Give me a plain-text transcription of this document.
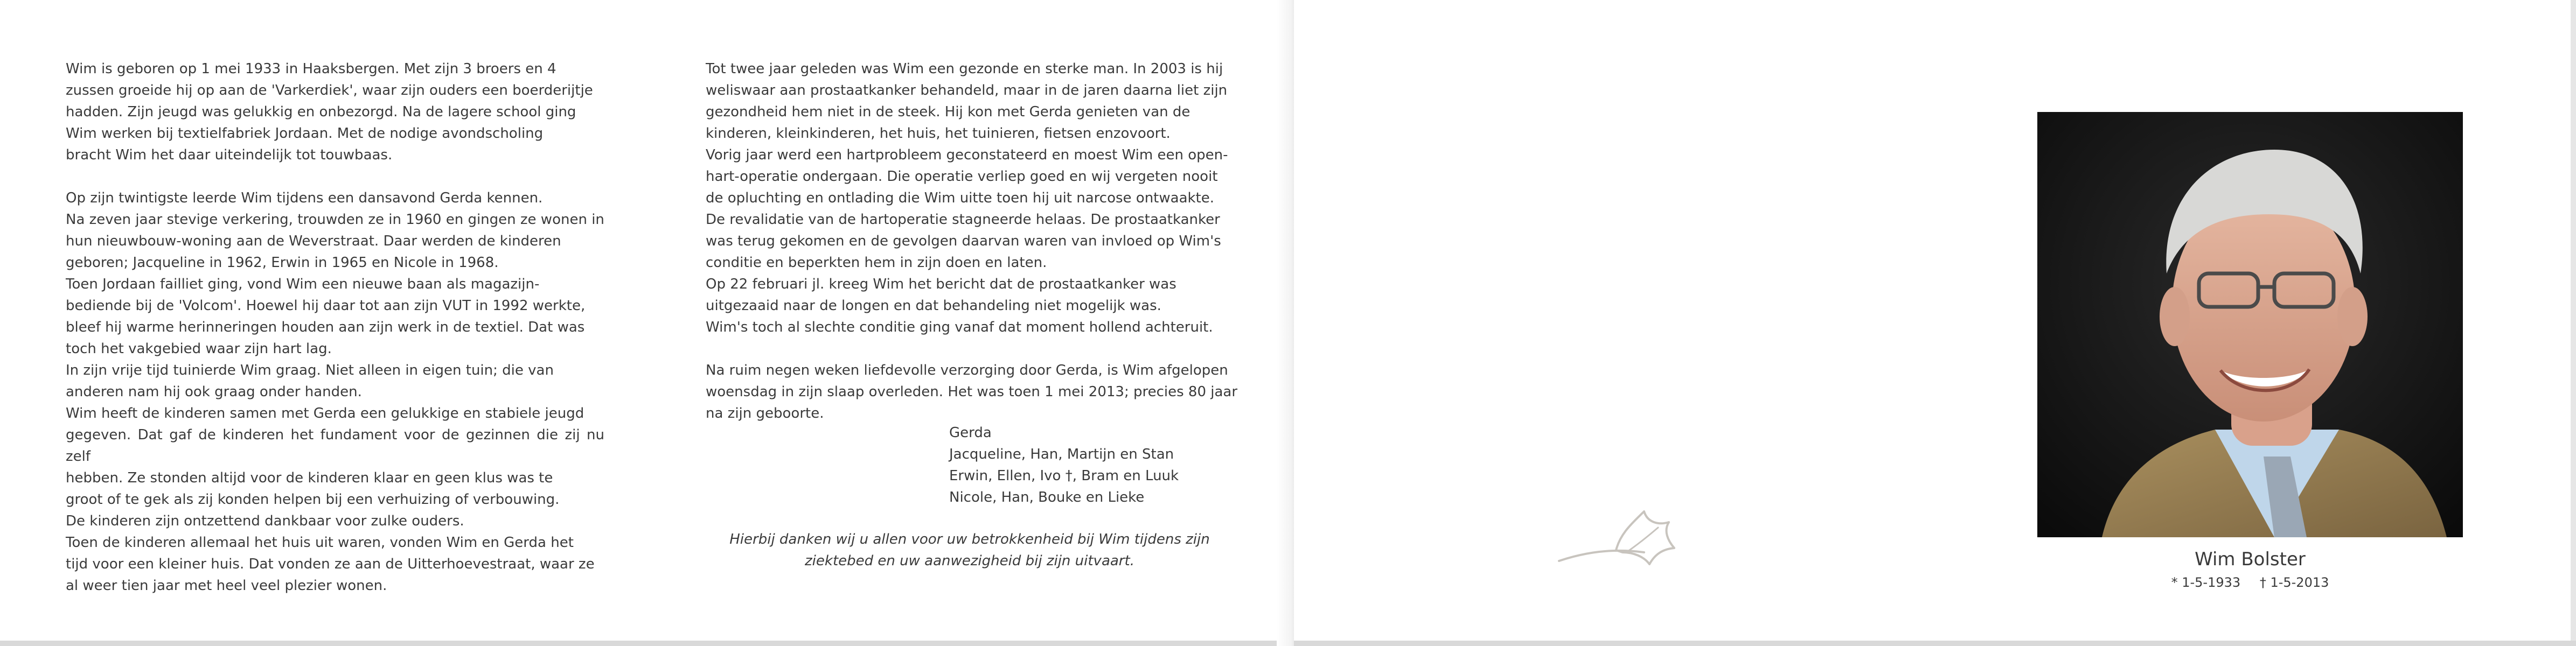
Wim is geboren op 1 mei 1933 in Haaksbergen. Met zijn 3 broers en 4
zussen groeide hij op aan de 'Varkerdiek', waar zijn ouders een boerderijtje
hadden. Zijn jeugd was gelukkig en onbezorgd. Na de lagere school ging
Wim werken bij textielfabriek Jordaan. Met de nodige avondscholing
bracht Wim het daar uiteindelijk tot touwbaas.
Op zijn twintigste leerde Wim tijdens een dansavond Gerda kennen.
Na zeven jaar stevige verkering, trouwden ze in 1960 en gingen ze wonen in
hun nieuwbouw-woning aan de Weverstraat. Daar werden de kinderen
geboren; Jacqueline in 1962, Erwin in 1965 en Nicole in 1968.
Toen Jordaan failliet ging, vond Wim een nieuwe baan als magazijn-
bediende bij de 'Volcom'. Hoewel hij daar tot aan zijn VUT in 1992 werkte,
bleef hij warme herinneringen houden aan zijn werk in de textiel. Dat was
toch het vakgebied waar zijn hart lag.
In zijn vrije tijd tuinierde Wim graag. Niet alleen in eigen tuin; die van
anderen nam hij ook graag onder handen.
Wim heeft de kinderen samen met Gerda een gelukkige en stabiele jeugd
gegeven. Dat gaf de kinderen het fundament voor de gezinnen die zij nu zelf
hebben. Ze stonden altijd voor de kinderen klaar en geen klus was te
groot of te gek als zij konden helpen bij een verhuizing of verbouwing.
De kinderen zijn ontzettend dankbaar voor zulke ouders.
Toen de kinderen allemaal het huis uit waren, vonden Wim en Gerda het
tijd voor een kleiner huis. Dat vonden ze aan de Uitterhoevestraat, waar ze
al weer tien jaar met heel veel plezier wonen.
Tot twee jaar geleden was Wim een gezonde en sterke man. In 2003 is hij
weliswaar aan prostaatkanker behandeld, maar in de jaren daarna liet zijn
gezondheid hem niet in de steek. Hij kon met Gerda genieten van de
kinderen, kleinkinderen, het huis, het tuinieren, fietsen enzovoort.
Vorig jaar werd een hartprobleem geconstateerd en moest Wim een open-
hart-operatie ondergaan. Die operatie verliep goed en wij vergeten nooit
de opluchting en ontlading die Wim uitte toen hij uit narcose ontwaakte.
De revalidatie van de hartoperatie stagneerde helaas. De prostaatkanker
was terug gekomen en de gevolgen daarvan waren van invloed op Wim's
conditie en beperkten hem in zijn doen en laten.
Op 22 februari jl. kreeg Wim het bericht dat de prostaatkanker was
uitgezaaid naar de longen en dat behandeling niet mogelijk was.
Wim's toch al slechte conditie ging vanaf dat moment hollend achteruit.
Na ruim negen weken liefdevolle verzorging door Gerda, is Wim afgelopen
woensdag in zijn slaap overleden. Het was toen 1 mei 2013; precies 80 jaar
na zijn geboorte.
Gerda
Jacqueline, Han, Martijn en Stan
Erwin, Ellen, Ivo †, Bram en Luuk
Nicole, Han, Bouke en Lieke
Hierbij danken wij u allen voor uw betrokkenheid bij Wim tijdens zijn
ziektebed en uw aanwezigheid bij zijn uitvaart.	Wim Bolster
* 1-5-1933 † 1-5-2013
